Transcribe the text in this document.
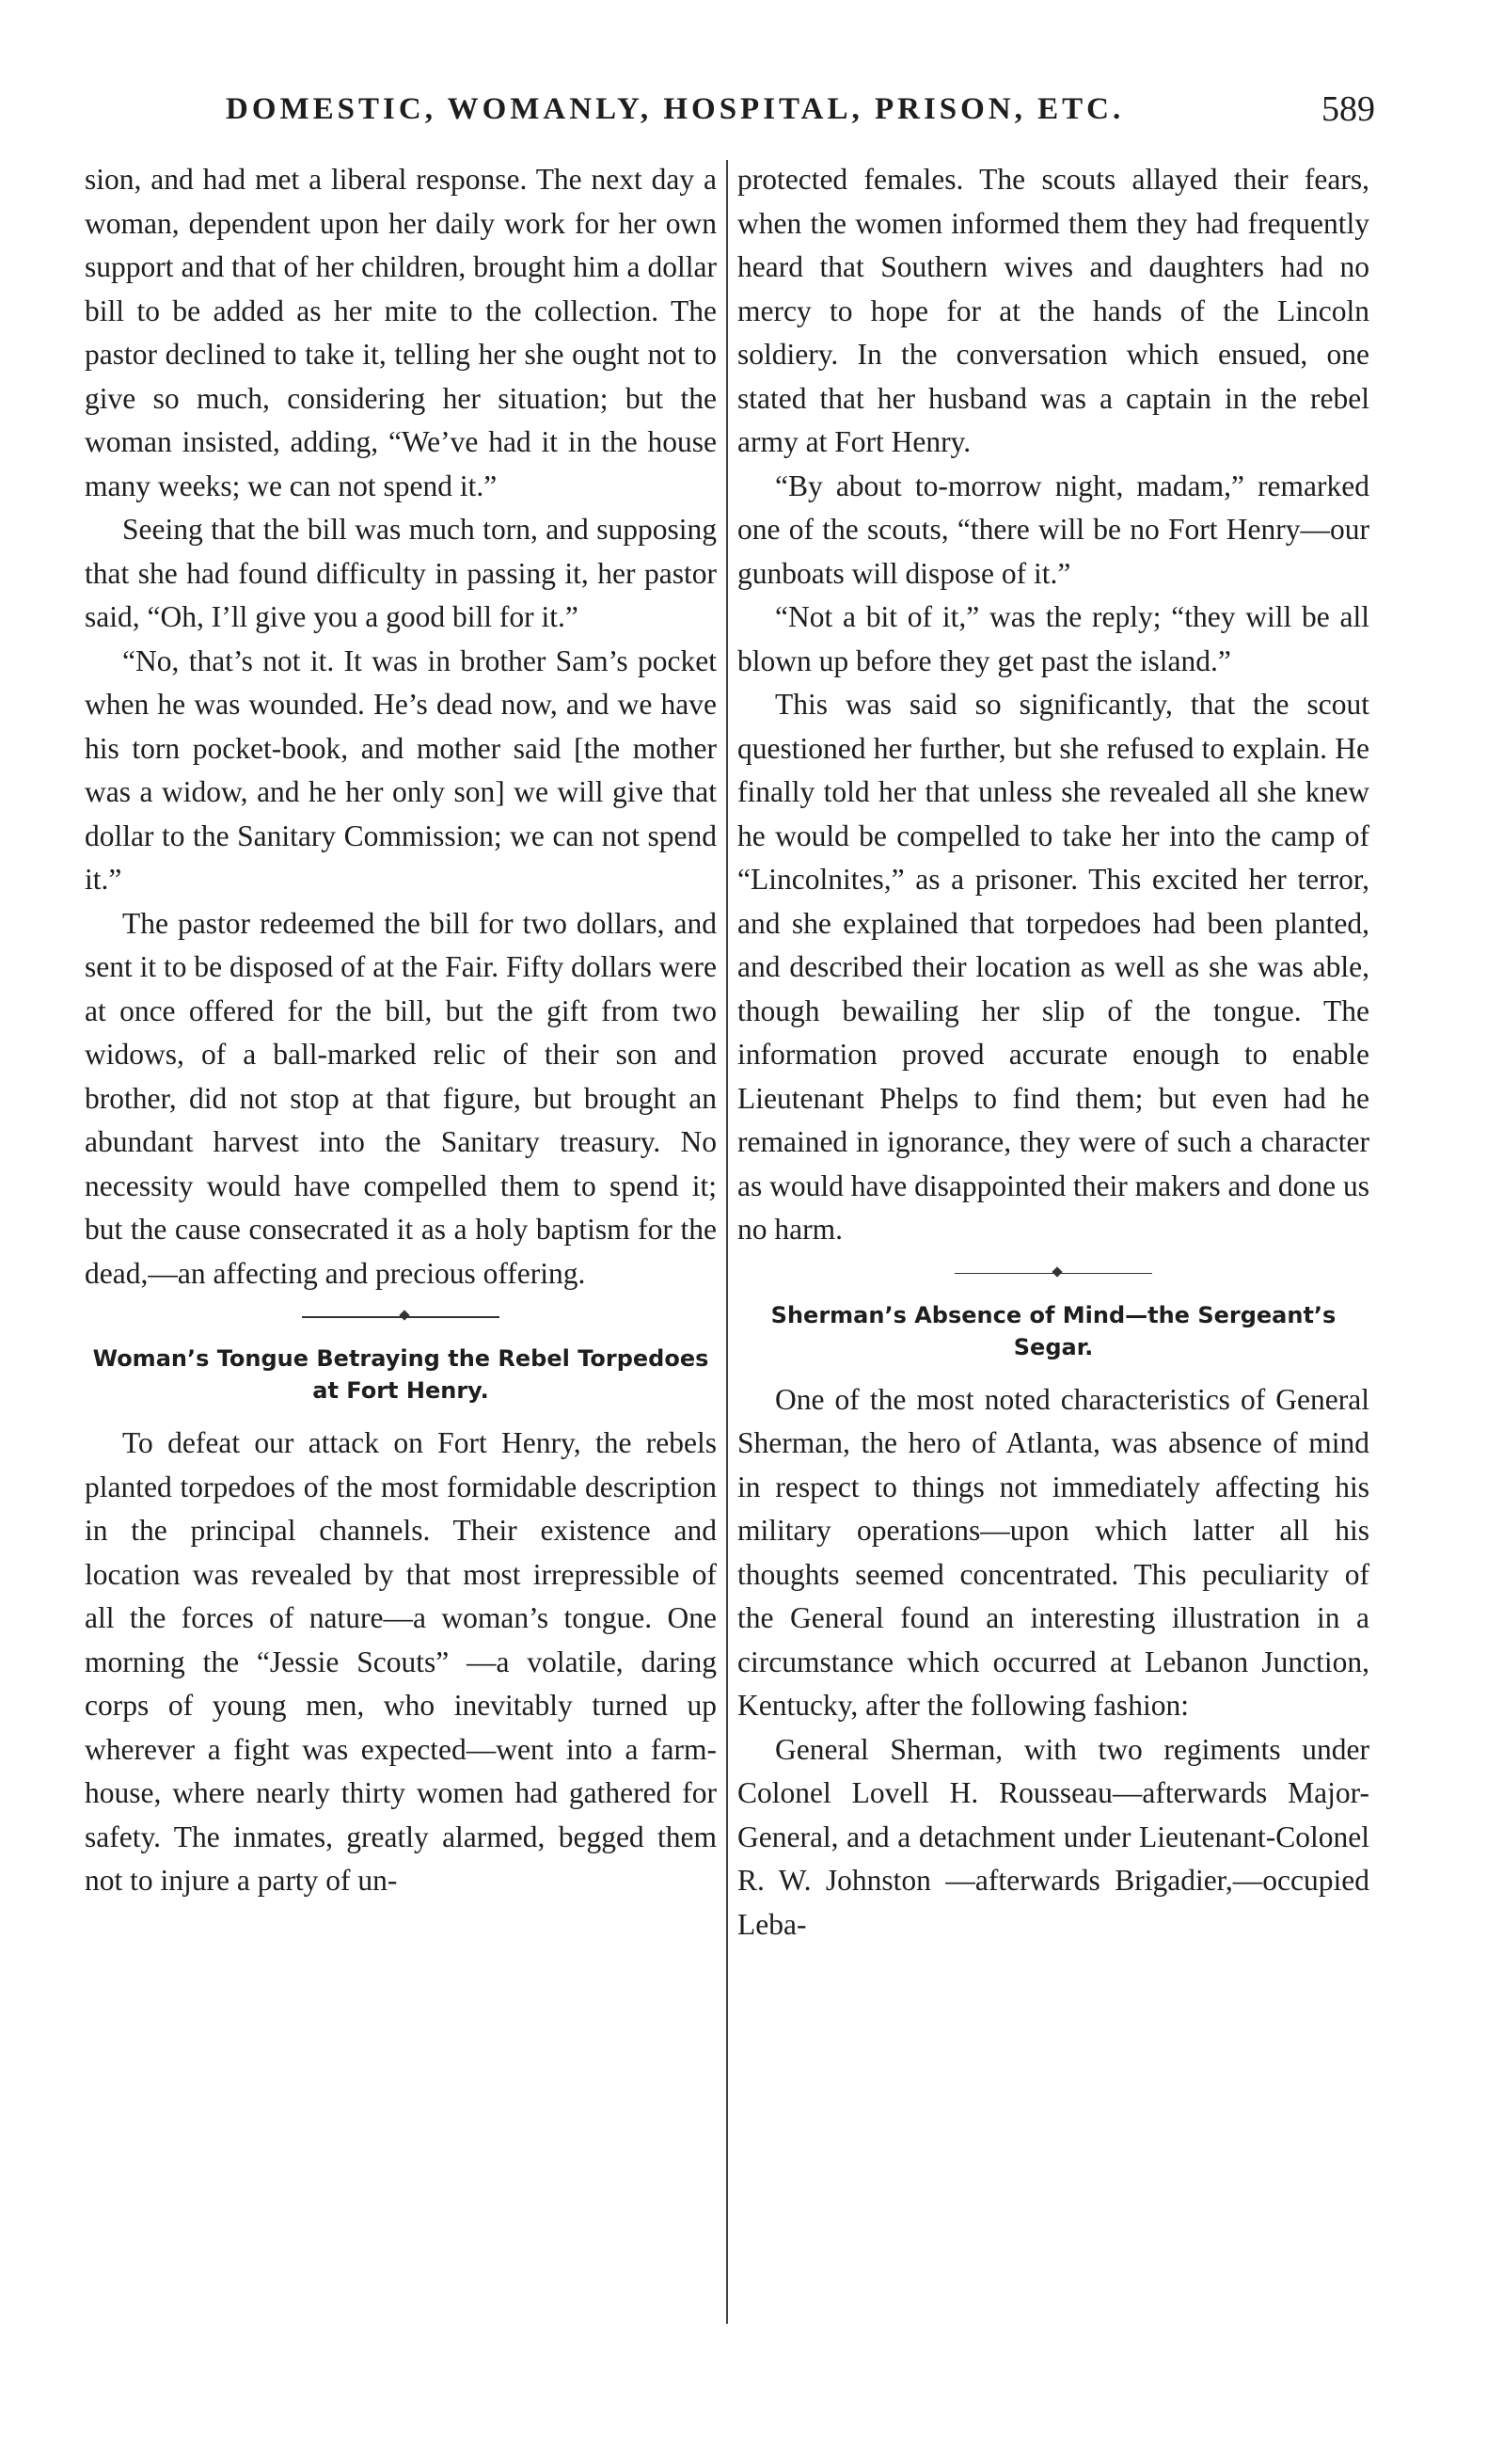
DOMESTIC, WOMANLY, HOSPITAL, PRISON, ETC.	589

sion, and had met a liberal response. The next day a woman, dependent upon her daily work for her own support and that of her children, brought him a dollar bill to be added as her mite to the collection. The pastor declined to take it, telling her she ought not to give so much, considering her situation; but the woman insisted, adding, “We’ve had it in the house many weeks; we can not spend it.”

Seeing that the bill was much torn, and supposing that she had found difficulty in passing it, her pastor said, “Oh, I’ll give you a good bill for it.”

“No, that’s not it. It was in brother Sam’s pocket when he was wounded. He’s dead now, and we have his torn pocket-book, and mother said [the mother was a widow, and he her only son] we will give that dollar to the Sanitary Commission; we can not spend it.”

The pastor redeemed the bill for two dollars, and sent it to be disposed of at the Fair. Fifty dollars were at once offered for the bill, but the gift from two widows, of a ball-marked relic of their son and brother, did not stop at that figure, but brought an abundant harvest into the Sanitary treasury. No necessity would have compelled them to spend it; but the cause consecrated it as a holy baptism for the dead,—an affecting and precious offering.

Woman’s Tongue Betraying the Rebel Torpedoes at Fort Henry.

To defeat our attack on Fort Henry, the rebels planted torpedoes of the most formidable description in the principal channels. Their existence and location was revealed by that most irrepressible of all the forces of nature—a woman’s tongue. One morning the “Jessie Scouts” —a volatile, daring corps of young men, who inevitably turned up wherever a fight was expected—went into a farm-house, where nearly thirty women had gathered for safety. The inmates, greatly alarmed, begged them not to injure a party of un-

protected females. The scouts allayed their fears, when the women informed them they had frequently heard that Southern wives and daughters had no mercy to hope for at the hands of the Lincoln soldiery. In the conversation which ensued, one stated that her husband was a captain in the rebel army at Fort Henry.

“By about to-morrow night, madam,” remarked one of the scouts, “there will be no Fort Henry—our gunboats will dispose of it.”

“Not a bit of it,” was the reply; “they will be all blown up before they get past the island.”

This was said so significantly, that the scout questioned her further, but she refused to explain. He finally told her that unless she revealed all she knew he would be compelled to take her into the camp of “Lincolnites,” as a prisoner. This excited her terror, and she explained that torpedoes had been planted, and described their location as well as she was able, though bewailing her slip of the tongue. The information proved accurate enough to enable Lieutenant Phelps to find them; but even had he remained in ignorance, they were of such a character as would have disappointed their makers and done us no harm.

Sherman’s Absence of Mind—the Sergeant’s Segar.

One of the most noted characteristics of General Sherman, the hero of Atlanta, was absence of mind in respect to things not immediately affecting his military operations—upon which latter all his thoughts seemed concentrated. This peculiarity of the General found an interesting illustration in a circumstance which occurred at Lebanon Junction, Kentucky, after the following fashion:

General Sherman, with two regiments under Colonel Lovell H. Rousseau—afterwards Major-General, and a detachment under Lieutenant-Colonel R. W. Johnston —afterwards Brigadier,—occupied Leba-
